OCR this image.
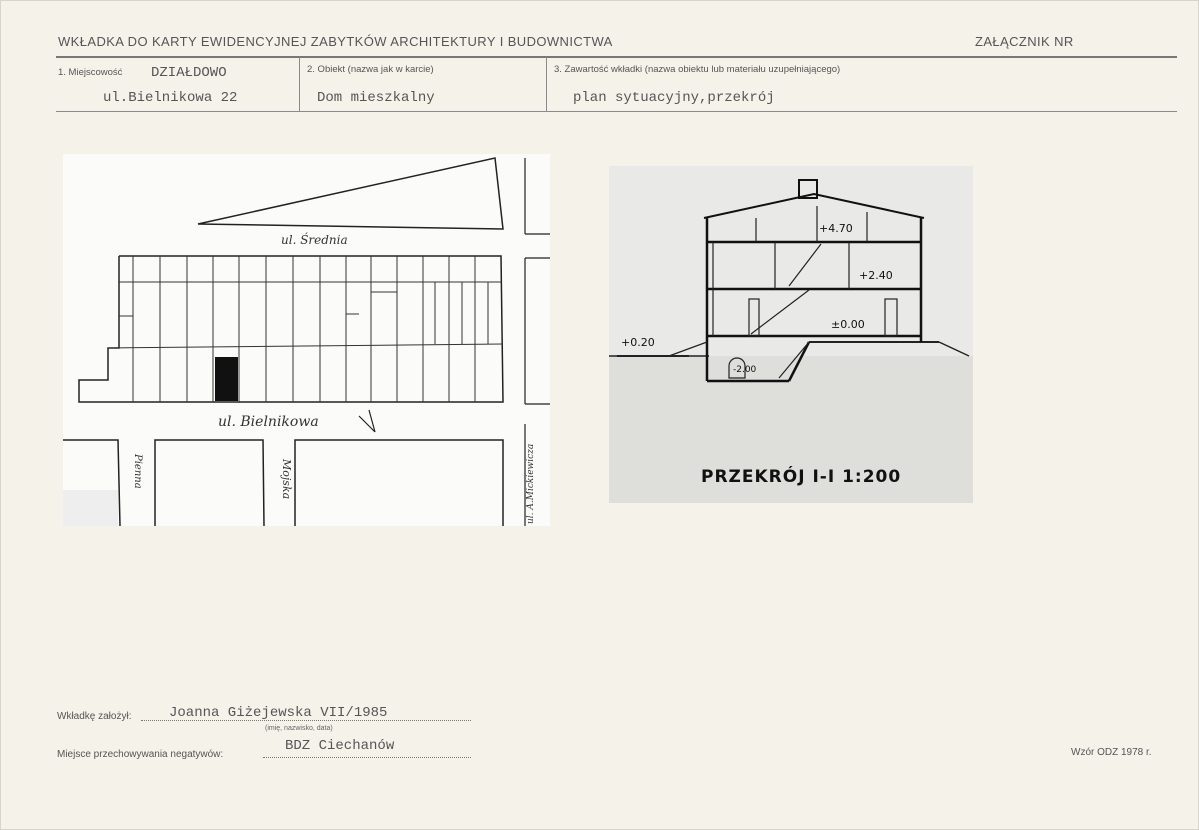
WKŁADKA DO KARTY EWIDENCYJNEJ ZABYTKÓW ARCHITEKTURY I BUDOWNICTWA	ZAŁĄCZNIK NR
1. Miejscowość DZIAŁDOWO
ul.Bielnikowa 22
2. Obiekt (nazwa jak w karcie)
Dom mieszkalny
3. Zawartość wkładki (nazwa obiektu lub materiału uzupełniającego)
plan sytuacyjny,przekrój
ul. Średnia
ul. Bielnikowa
Pienna	Mojska	ul. A.Mickiewicza
+4.70
+2.40
±0.00
+0.20
-2.00
PRZEKRÓJ I-I 1:200
Wkładkę założył:	Joanna Giżejewska VII/1985
(imię, nazwisko, data)
Miejsce przechowywania negatywów:
BDZ Ciechanów	Wzór ODZ 1978 r.
